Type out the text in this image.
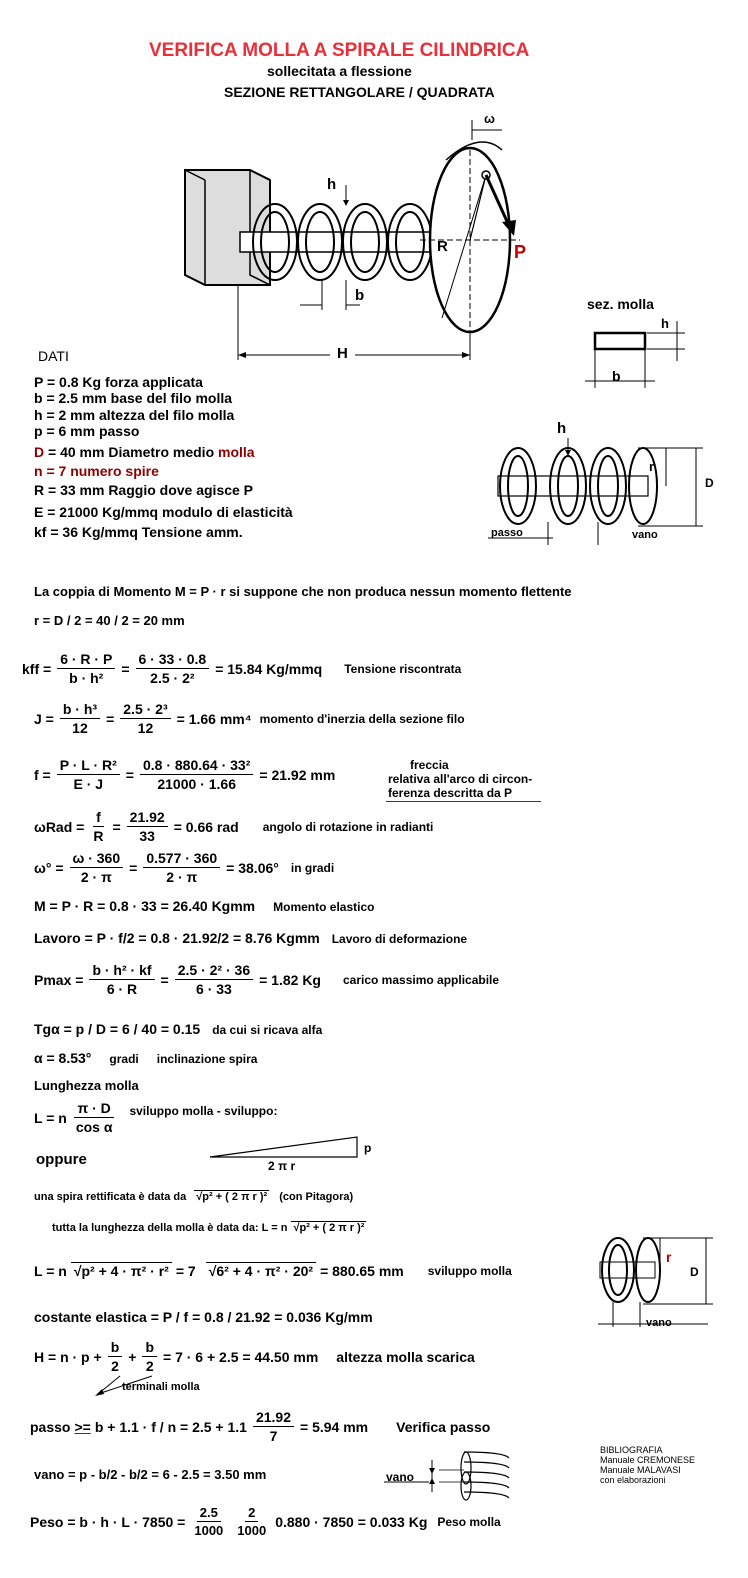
VERIFICA MOLLA A SPIRALE CILINDRICA
sollecitata a flessione
SEZIONE RETTANGOLARE / QUADRATA
ω
h
R	P
b
H
sez. molla
h
b
DATI
P = 0.8 Kg forza applicata
b = 2.5 mm base del filo molla
h = 2 mm altezza del filo molla
p = 6 mm passo
D = 40 mm Diametro medio molla
n = 7 numero spire
R = 33 mm Raggio dove agisce P
E = 21000 Kg/mmq modulo di elasticità
kf = 36 Kg/mmq Tensione amm.
h
r
D
passo	vano
La coppia di Momento M = P · r si suppone che non produca nessun momento flettente
r = D / 2 = 40 / 2 = 20 mm
kff = $\frac{6 \cdot R \cdot P}{\text{b · h²}} = \frac{6 \cdot 33 \cdot 0.8}{\text{2.5 · 2²}} = 15.84$ Kg/mmq Tensione riscontrata
$J = \frac{\text{b · h³}}{12} = \frac{\text{2.5 · 2³}}{12} = 1.66$ mm⁴ momento d'inerzia della sezione filo
$f = \frac{\text{P · L · R²}}{E \cdot J} = \frac{\text{0.8 · 880.64 · 33²}}{21000 \cdot 1.66} = 21.92$ mm
freccia
relativa all'arco di circon-
ferenza descritta da P
$\omega Rad = \frac{f}{R} = \frac{21.92}{33} = 0.66$ rad angolo di rotazione in radianti
$\omega^\circ = \frac{\omega \cdot 360}{2 \cdot \pi} = \frac{0.577 \cdot 360}{2 \cdot \pi} = 38.06^\circ$ in gradi
M = P · R = 0.8 · 33 = 26.40 Kgmm Momento elastico
Lavoro = P · f/2 = 0.8 · 21.92/2 = 8.76 Kgmm Lavoro di deformazione
$Pmax = \frac{\text{b · h² · kf}}{6 \cdot R} = \frac{\text{2.5 · 2² · 36}}{6 \cdot 33} = 1.82$ Kg carico massimo applicabile
Tgα = p / D = 6 / 40 = 0.15 da cui si ricava alfa
α = 8.53° gradi inclinazione spira
Lunghezza molla
L = n $\frac{\pi \cdot D}{\text{cos α}}$ sviluppo molla - sviluppo:
oppure
p
2 π r
una spira rettificata è data da √p² + ( 2 π r )² (con Pitagora)
tutta la lunghezza della molla è data da: L = n √p² + ( 2 π r )²
L = n √p² + 4 · π² · r² = 7 √6² + 4 · π² · 20² = 880.65 mm sviluppo molla
r
D
vano
costante elastica = P / f = 0.8 / 21.92 = 0.036 Kg/mm
$H = n \cdot p + \frac{b}{2} + \frac{b}{2} = 7 \cdot 6 + 2.5 = 44.50$ mm altezza molla scarica
terminali molla
passo >= $b + 1.1 \cdot f / n = 2.5 + 1.1 \frac{21.92}{7} = 5.94$ mm Verifica passo
vano = p - b/2 - b/2 = 6 - 2.5 = 3.50 mm	vano
Peso = $b \cdot h \cdot L \cdot 7850 = \frac{2.5}{1000} \frac{2}{1000} 0.880 \cdot 7850 = 0.033$ Kg Peso molla
BIBLIOGRAFIA
Manuale CREMONESE
Manuale MALAVASI
con elaborazioni
